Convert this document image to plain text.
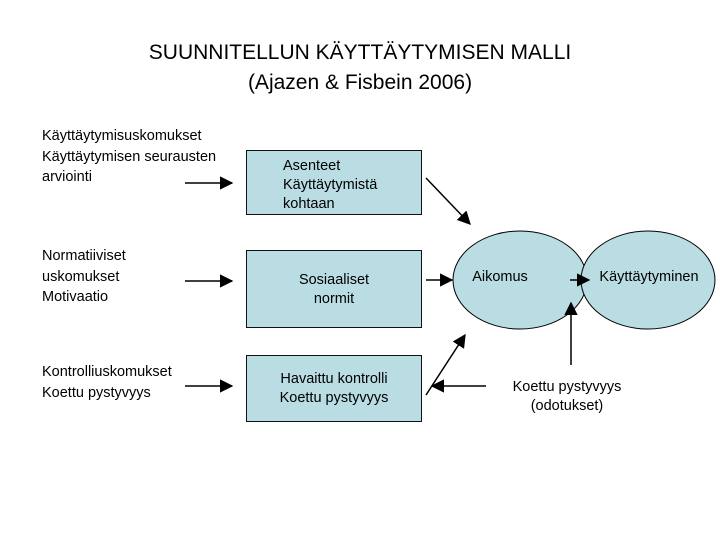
SUUNNITELLUN KÄYTTÄYTYMISEN MALLI
(Ajazen & Fisbein 2006)
Käyttäytymisuskomukset
Käyttäytymisen seurausten
arviointi
Normatiiviset
uskomukset
Motivaatio
Kontrolliuskomukset
Koettu pystyvyys
Asenteet
Käyttäytymistä
kohtaan
Sosiaaliset
normit
Havaittu kontrolli
Koettu pystyvyys
Aikomus	Käyttäytyminen
Koettu pystyvyys
(odotukset)
